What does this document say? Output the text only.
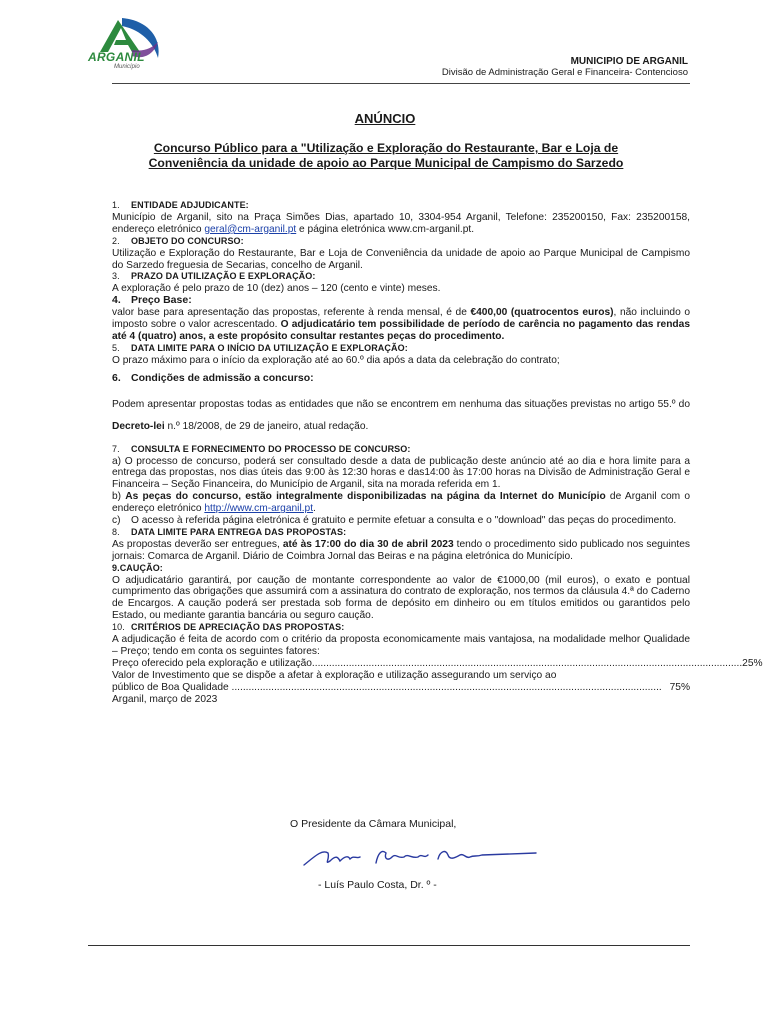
ARGANIL
Município	MUNICIPIO DE ARGANIL
Divisão de Administração Geral e Financeira- Contencioso
ANÚNCIO
Concurso Público para a "Utilização e Exploração do Restaurante, Bar e Loja de
Conveniência da unidade de apoio ao Parque Municipal de Campismo do Sarzedo
1. ENTIDADE ADJUDICANTE:

Município de Arganil, sito na Praça Simões Dias, apartado 10, 3304-954 Arganil, Telefone: 235200150, Fax: 235200158, endereço eletrónico geral@cm-arganil.pt e página eletrónica www.cm-arganil.pt.

2. OBJETO DO CONCURSO:

Utilização e Exploração do Restaurante, Bar e Loja de Conveniência da unidade de apoio ao Parque Municipal de Campismo do Sarzedo freguesia de Secarias, concelho de Arganil.

3. PRAZO DA UTILIZAÇÃO E EXPLORAÇÃO:

A exploração é pelo prazo de 10 (dez) anos – 120 (cento e vinte) meses.

4. Preço Base:

valor base para apresentação das propostas, referente à renda mensal, é de €400,00 (quatrocentos euros), não incluindo o imposto sobre o valor acrescentado. O adjudicatário tem possibilidade de período de carência no pagamento das rendas até 4 (quatro) anos, a este propósito consultar restantes peças do procedimento.

5. DATA LIMITE PARA O INÍCIO DA UTILIZAÇÃO E EXPLORAÇÃO:

O prazo máximo para o início da exploração até ao 60.º dia após a data da celebração do contrato;

6. Condições de admissão a concurso:

Podem apresentar propostas todas as entidades que não se encontrem em nenhuma das situações previstas no artigo 55.º do Decreto-lei n.º 18/2008, de 29 de janeiro, atual redação.

7. CONSULTA E FORNECIMENTO DO PROCESSO DE CONCURSO:

a) O processo de concurso, poderá ser consultado desde a data de publicação deste anúncio até ao dia e hora limite para a entrega das propostas, nos dias úteis das 9:00 às 12:30 horas e das14:00 às 17:00 horas na Divisão de Administração Geral e Financeira – Seção Financeira, do Município de Arganil, sita na morada referida em 1.

b) As peças do concurso, estão integralmente disponibilizadas na página da Internet do Município de Arganil com o endereço eletrónico http://www.cm-arganil.pt.

c) O acesso à referida página eletrónica é gratuito e permite efetuar a consulta e o "download" das peças do procedimento.

8. DATA LIMITE PARA ENTREGA DAS PROPOSTAS:

As propostas deverão ser entregues, até às 17:00 do dia 30 de abril 2023 tendo o procedimento sido publicado nos seguintes jornais: Comarca de Arganil. Diário de Coimbra Jornal das Beiras e na página eletrónica do Município.

9.CAUÇÃO:

O adjudicatário garantirá, por caução de montante correspondente ao valor de €1000,00 (mil euros), o exato e pontual cumprimento das obrigações que assumirá com a assinatura do contrato de exploração, nos termos da cláusula 4.ª do Caderno de Encargos. A caução poderá ser prestada sob forma de depósito em dinheiro ou em títulos emitidos ou garantidos pelo Estado, ou mediante garantia bancária ou seguro caução.

10. CRITÉRIOS DE APRECIAÇÃO DAS PROPOSTAS:

A adjudicação é feita de acordo com o critério da proposta economicamente mais vantajosa, na modalidade melhor Qualidade – Preço; tendo em conta os seguintes fatores:

Preço oferecido pela exploração e utilização ........................................................................................................................................................ 25%

Valor de Investimento que se dispõe a afetar à exploração e utilização assegurando um serviço ao

público de Boa Qualidade ........................................................................................................................................................ 75%

Arganil, março de 2023

O Presidente da Câmara Municipal,
- Luís Paulo Costa, Dr. º -
